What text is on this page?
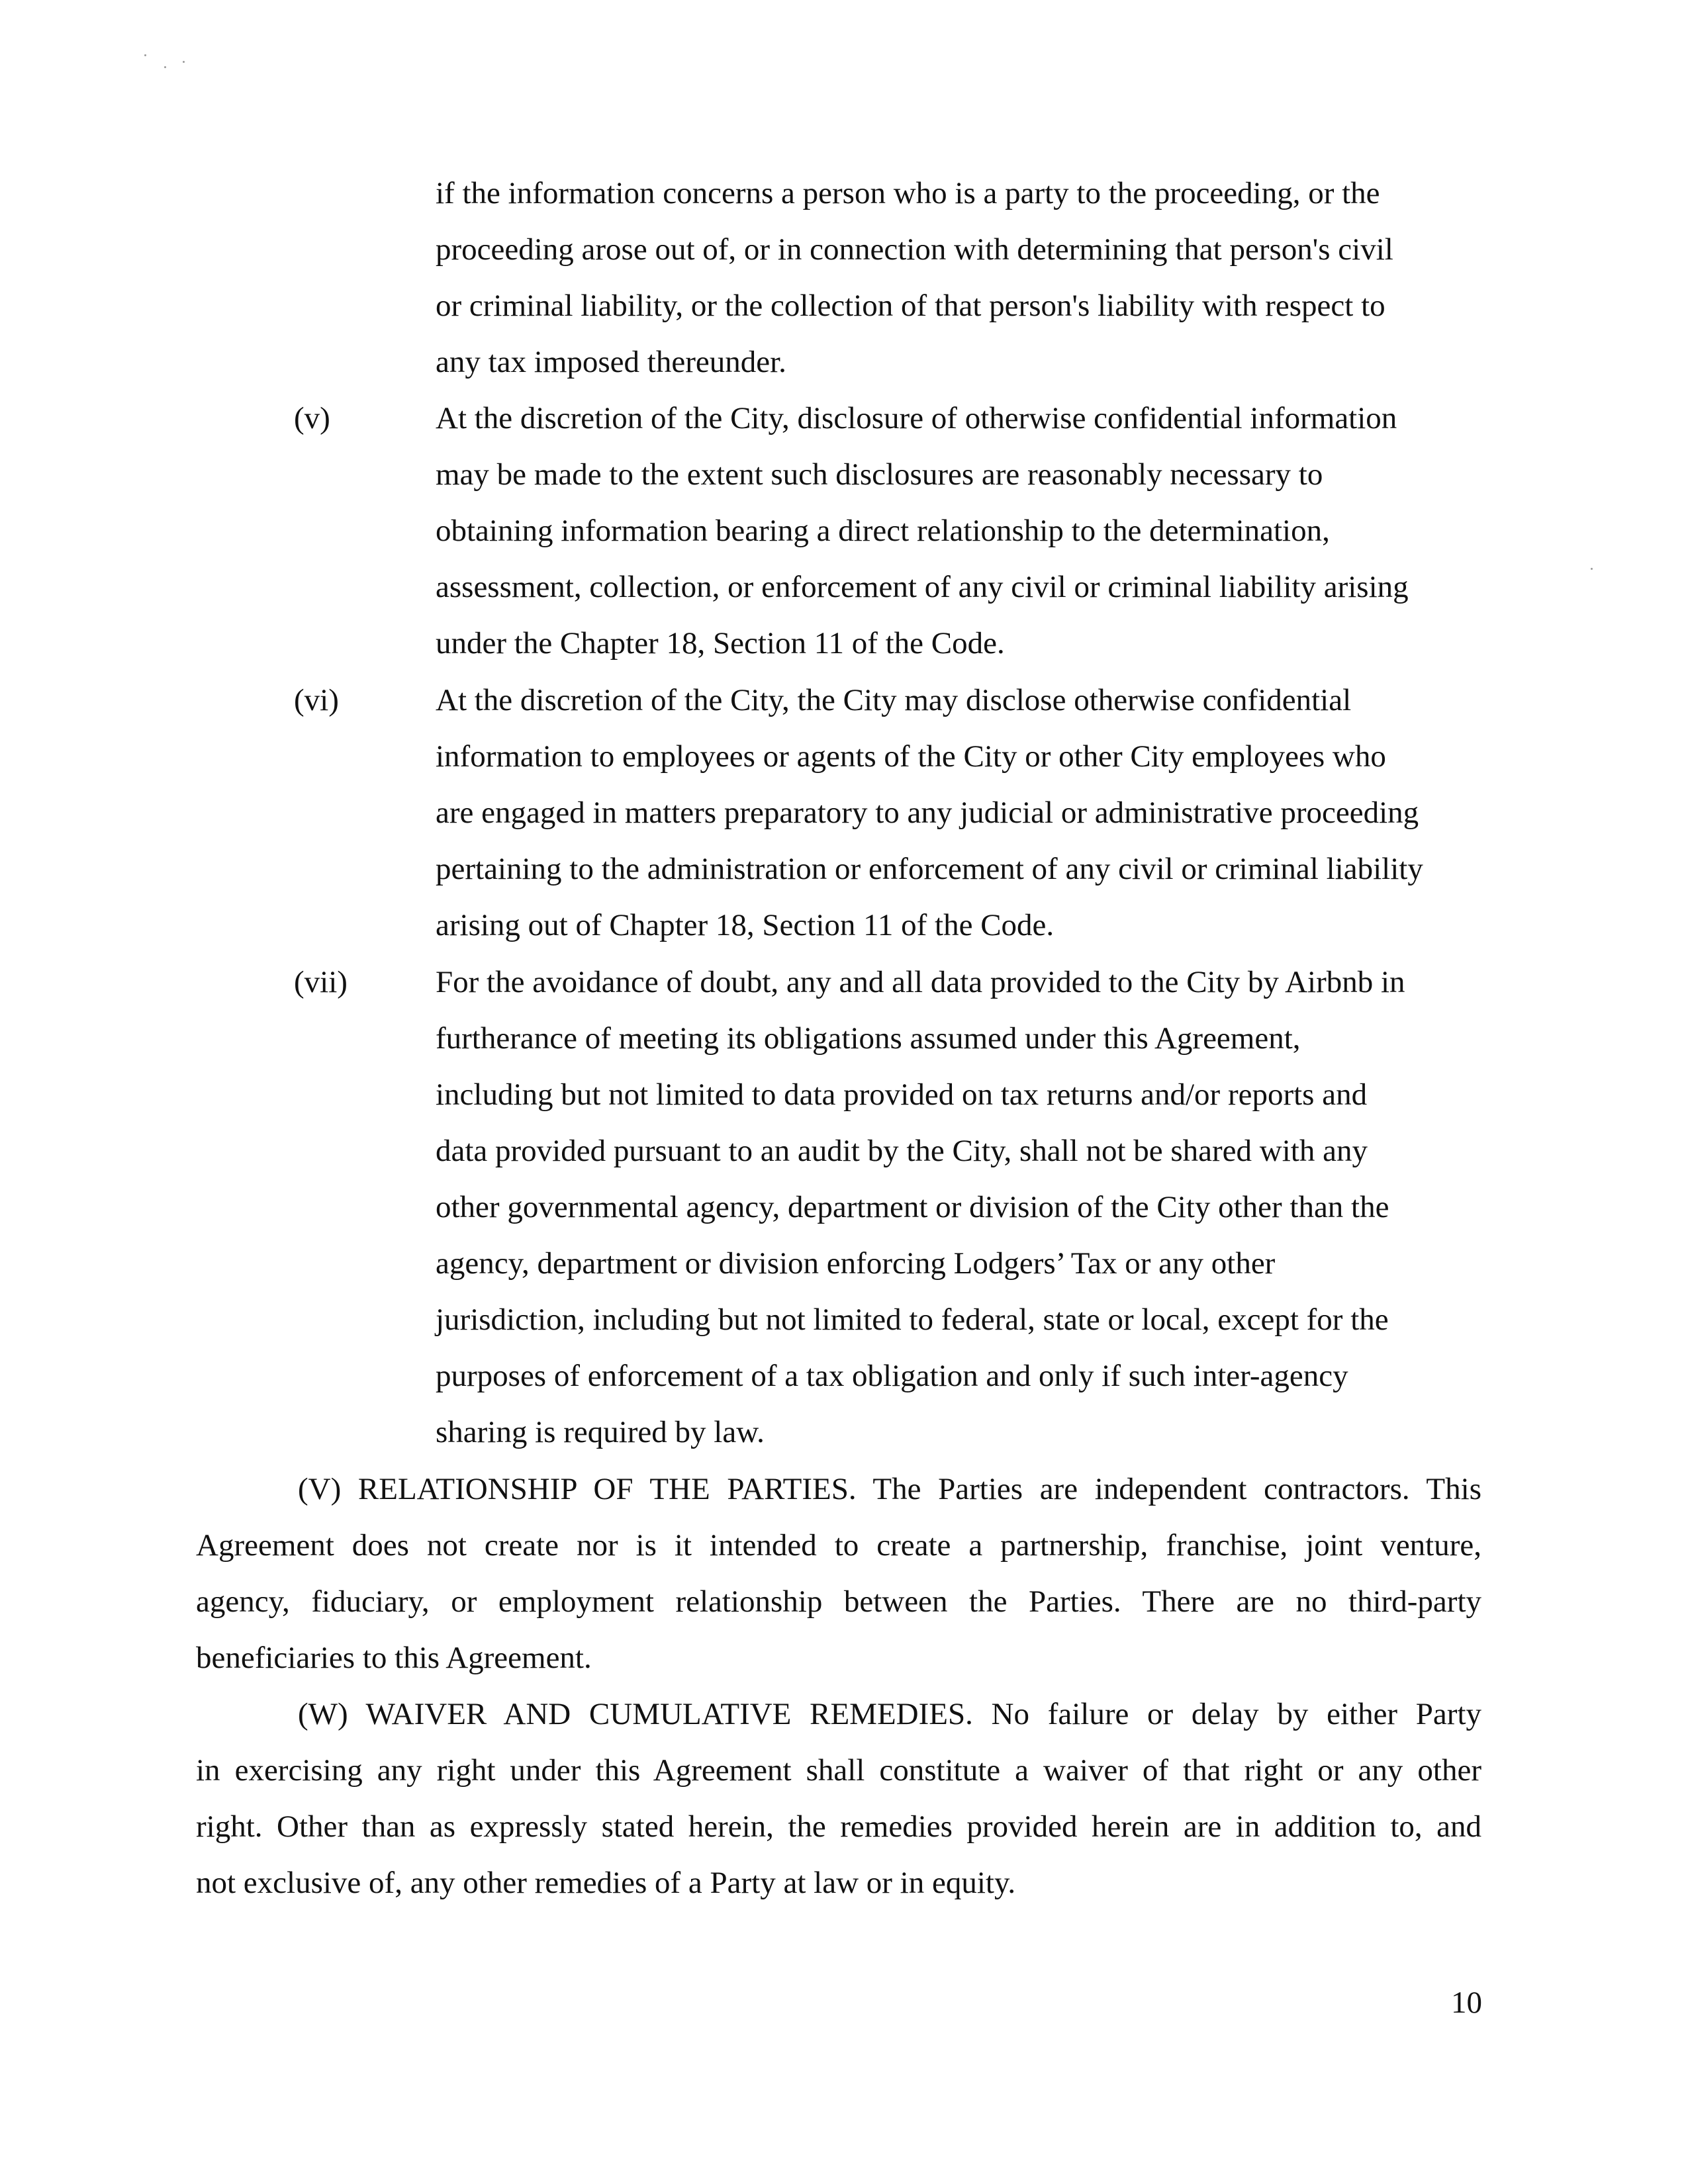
if the information concerns a person who is a party to the proceeding, or the
proceeding arose out of, or in connection with determining that person's civil
or criminal liability, or the collection of that person's liability with respect to
any tax imposed thereunder.
(v)	At the discretion of the City, disclosure of otherwise confidential information
may be made to the extent such disclosures are reasonably necessary to
obtaining information bearing a direct relationship to the determination,
assessment, collection, or enforcement of any civil or criminal liability arising
under the Chapter 18, Section 11 of the Code.
(vi)	At the discretion of the City, the City may disclose otherwise confidential
information to employees or agents of the City or other City employees who
are engaged in matters preparatory to any judicial or administrative proceeding
pertaining to the administration or enforcement of any civil or criminal liability
arising out of Chapter 18, Section 11 of the Code.
(vii)	For the avoidance of doubt, any and all data provided to the City by Airbnb in
furtherance of meeting its obligations assumed under this Agreement,
including but not limited to data provided on tax returns and/or reports and
data provided pursuant to an audit by the City, shall not be shared with any
other governmental agency, department or division of the City other than the
agency, department or division enforcing Lodgers’ Tax or any other
jurisdiction, including but not limited to federal, state or local, except for the
purposes of enforcement of a tax obligation and only if such inter-agency
sharing is required by law.
(V) RELATIONSHIP OF THE PARTIES. The Parties are independent contractors. This
Agreement does not create nor is it intended to create a partnership, franchise, joint venture,
agency, fiduciary, or employment relationship between the Parties. There are no third-party
beneficiaries to this Agreement.
(W) WAIVER AND CUMULATIVE REMEDIES. No failure or delay by either Party
in exercising any right under this Agreement shall constitute a waiver of that right or any other
right. Other than as expressly stated herein, the remedies provided herein are in addition to, and
not exclusive of, any other remedies of a Party at law or in equity.
10
